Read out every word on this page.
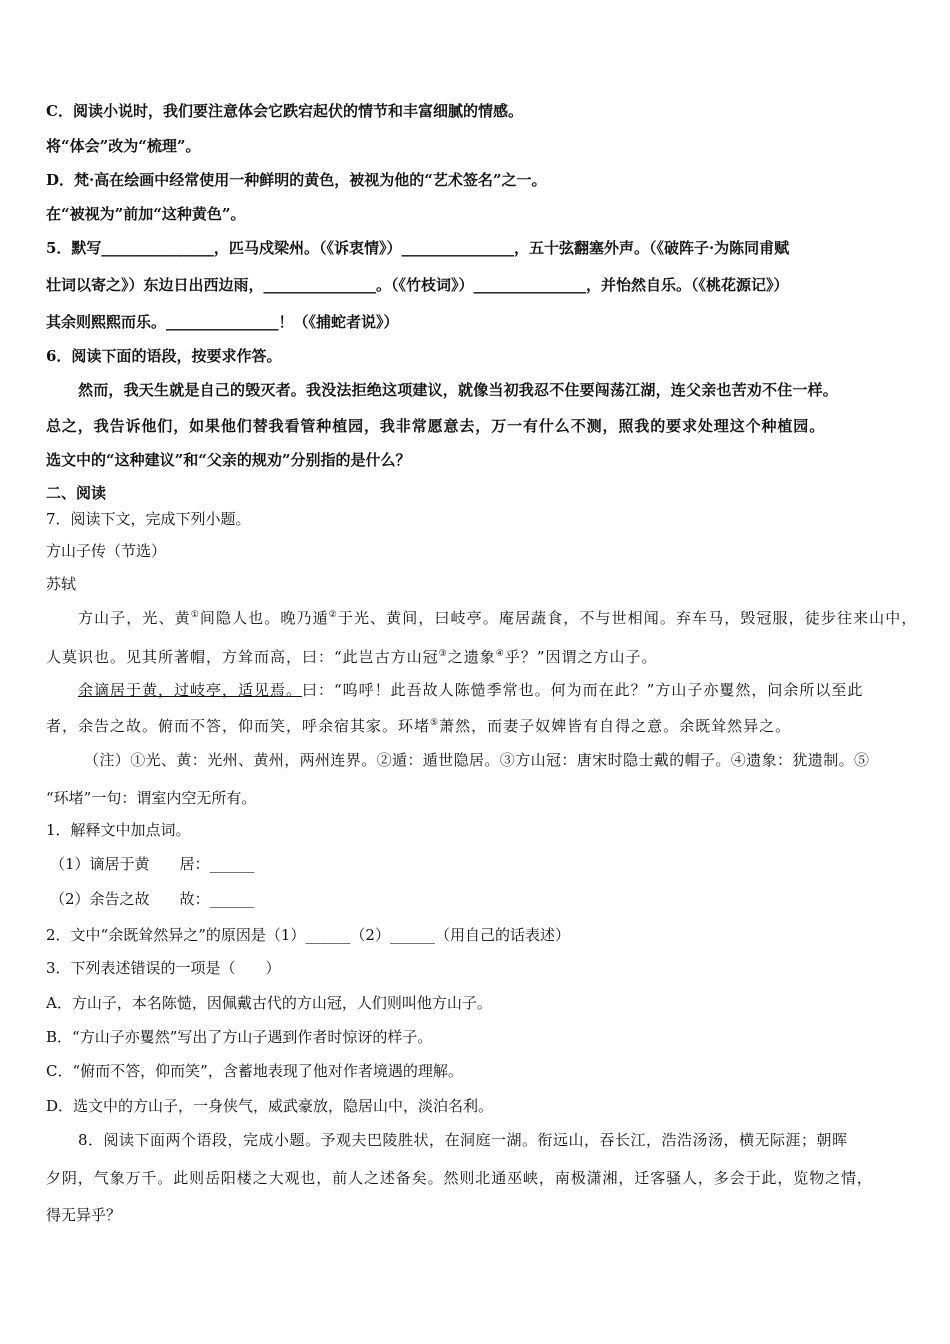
C．阅读小说时，我们要注意体会它跌宕起伏的情节和丰富细腻的情感。
将“体会”改为“梳理”。
D．梵·高在绘画中经常使用一种鲜明的黄色，被视为他的“艺术签名”之一。
在“被视为”前加“这种黄色”。
5．默写_______________，匹马戍梁州。（《诉衷情》）_______________，五十弦翻塞外声。（《破阵子·为陈同甫赋
壮词以寄之》）东边日出西边雨，_______________。（《竹枝词》）_______________，并怡然自乐。（《桃花源记》）
其余则熙熙而乐。_______________！（《捕蛇者说》）
6．阅读下面的语段，按要求作答。
然而，我天生就是自己的毁灭者。我没法拒绝这项建议，就像当初我忍不住要闯荡江湖，连父亲也苦劝不住一样。
总之，我告诉他们，如果他们替我看管种植园，我非常愿意去，万一有什么不测，照我的要求处理这个种植园。
选文中的“这种建议”和“父亲的规劝”分别指的是什么？
二、阅读
7．阅读下文，完成下列小题。
方山子传（节选）
苏轼
方山子，光、黄①间隐人也。晚乃遁②于光、黄间，曰岐亭。庵居蔬食，不与世相闻。弃车马，毁冠服，徒步往来山中，
人莫识也。见其所著帽，方耸而高，曰：“此岂古方山冠③之遗象④乎？”因谓之方山子。
余谪居于黄，过岐亭，适见焉。曰：“呜呼！此吾故人陈慥季常也。何为而在此？”方山子亦矍然，问余所以至此
者，余告之故。俯而不答，仰而笑，呼余宿其家。环堵⑤萧然，而妻子奴婢皆有自得之意。余既耸然异之。
（注）①光、黄：光州、黄州，两州连界。②遁：遁世隐居。③方山冠：唐宋时隐士戴的帽子。④遗象：犹遗制。⑤
“环堵”一句：谓室内空无所有。
1．解释文中加点词。
（1）谪居于黄　　居：______
（2）余告之故　　故：______
2．文中“余既耸然异之”的原因是（1）______（2）______（用自己的话表述）
3．下列表述错误的一项是（　　）
A．方山子，本名陈慥，因佩戴古代的方山冠，人们则叫他方山子。
B．“方山子亦矍然”写出了方山子遇到作者时惊讶的样子。
C．“俯而不答，仰而笑”，含蓄地表现了他对作者境遇的理解。
D．选文中的方山子，一身侠气，威武豪放，隐居山中，淡泊名利。
8．阅读下面两个语段，完成小题。予观夫巴陵胜状，在洞庭一湖。衔远山，吞长江，浩浩汤汤，横无际涯；朝晖
夕阴，气象万千。此则岳阳楼之大观也，前人之述备矣。然则北通巫峡，南极潇湘，迁客骚人，多会于此，览物之情，
得无异乎？
